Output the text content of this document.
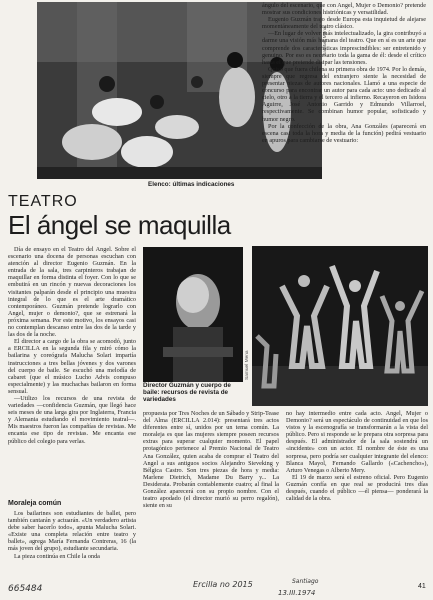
Samuel Mena
Elenco: últimas indicaciones

ángulo del escenario, que con Angel, Mujer o Demonio? pretende mostrar sus condiciones histriónicas y versatilidad.

Eugenio Guzmán trajo desde Europa esta inquietud de alejarse momentáneamente del teatro clásico.

—En lugar de volver más intelectualizado, la gira contribuyó a darme una visión más humana del teatro. Que en sí es un arte que comprende dos características imprescindibles: ser entretenido y genuino. Por eso es necesario toda la gama de él: desde el crítico hasta el que pretende disipar las tensiones.

Quiso que fuera chilena su primera obra de 1974. Por lo demás, siempre que regresa del extranjero siente la necesidad de presentar piezas de autores nacionales. Llamó a una especie de concurso para encontrar un autor para cada acto: uno dedicado al cielo, otro a la tierra y el tercero al infierno. Recayeron en Isidora Aguirre, José Antonio Garrido y Edmundo Villarroel, respectivamente. Se combinan humor popular, sofisticado y humor negro.

Por la confección de la obra, Ana Gonzáles (aparecerá en escena casi toda la hora y media de la función) pedirá vestuario en apuros para cambiarse de vestuario:

TEATRO
El ángel se maquilla

Día de ensayo en el Teatro del Angel. Sobre el escenario una docena de personas escuchan con atención al director Eugenio Guzmán. En la entrada de la sala, tres carpinteros trabajan de maquillar en forma distinta el foyer. Con lo que se embutirá en un rincón y nuevas decoraciones los visitantes palparán desde el principio una muestra integral de lo que es el arte dramático contemporáneo. Guzmán pretende lograrlo con Angel, mujer o demonio?, que se estrenará la próxima semana. Por este motivo, los ensayos casi no contemplan descanso entre las dos de la tarde y las dos de la noche.

El director a cargo de la obra se acomodó, junto a ERCILLA en la segunda fila y miró cómo la bailarina y coreógrafa Malucha Solari impartía instrucciones a tres bellas jóvenes y dos varones del cuerpo de baile. Se escuchó una melodía de cabaret (que el músico Lucho Advis compuso especialmente) y las muchachas bailaron en forma sensual.

—Utilizo los recursos de una revista de variedades —confidencia Guzmán, que llegó hace seis meses de una larga gira por Inglaterra, Francia y Alemania estudiando el movimiento teatral—. Mis maestros fueron las compañías de revistas. Me encanta ese tipo de revistas. Me encanta ese público del colegio para verlas.

Moraleja común

Los bailarines son estudiantes de ballet, pero también cantarán y actuarán. «Un verdadero artista debe saber hacerlo todo», apunta Malucha Solari. «Existe una completa relación entre teatro y ballet», agrega María Fernanda Contreras, 16 (la más joven del grupo), estudiante secundaria.

La pieza continúa en Chile la onda

Samuel Mena
Director Guzmán y cuerpo de baile: recursos de revista de variedades

propuesta por Tres Noches de un Sábado y Strip-Tease del Alma (ERCILLA 2.014): presentará tres actos diferentes entre sí, unidos por un tema común. La moraleja es que las mujeres siempre poseen recursos extras para superar cualquier momento. El papel protagónico pertenece al Premio Nacional de Teatro Ana González, quien acaba de comprar el Teatro del Angel a sus antiguos socios Alejandro Sieveking y Bélgica Castro. Son tres piezas de hora y media: Marlene Dietrich, Madame Du Barry y... La Desiderata. Probarán contablemente cuatro; al final la González aparecerá con su propio nombre. Con el teatro apodado (el director murió su perro regalón), siente en su

no hay intermedio entre cada acto. Angel, Mujer o Demonio? será un espectáculo de continuidad en que los vistos y la escenografía se transformarán a la vista del público. Pero si responde se le prepara otra sorpresa para después. El administrador de la sala sostendrá un «incidente» con un actor. El nombre de éste es una sorpresa, pero podría ser cualquier integrante del elenco: Blanca Mayol, Fernando Gallardo («Cachencho»), Arturo Venegas o Alberto Mery.

El 19 de marzo será el estreno oficial. Pero Eugenio Guzmán confía en que real se producirá tres días después, cuando el público —él piensa— ponderará la calidad de la obra.

665484	Ercilla no 2015	Santiago
13.III.1974
41
